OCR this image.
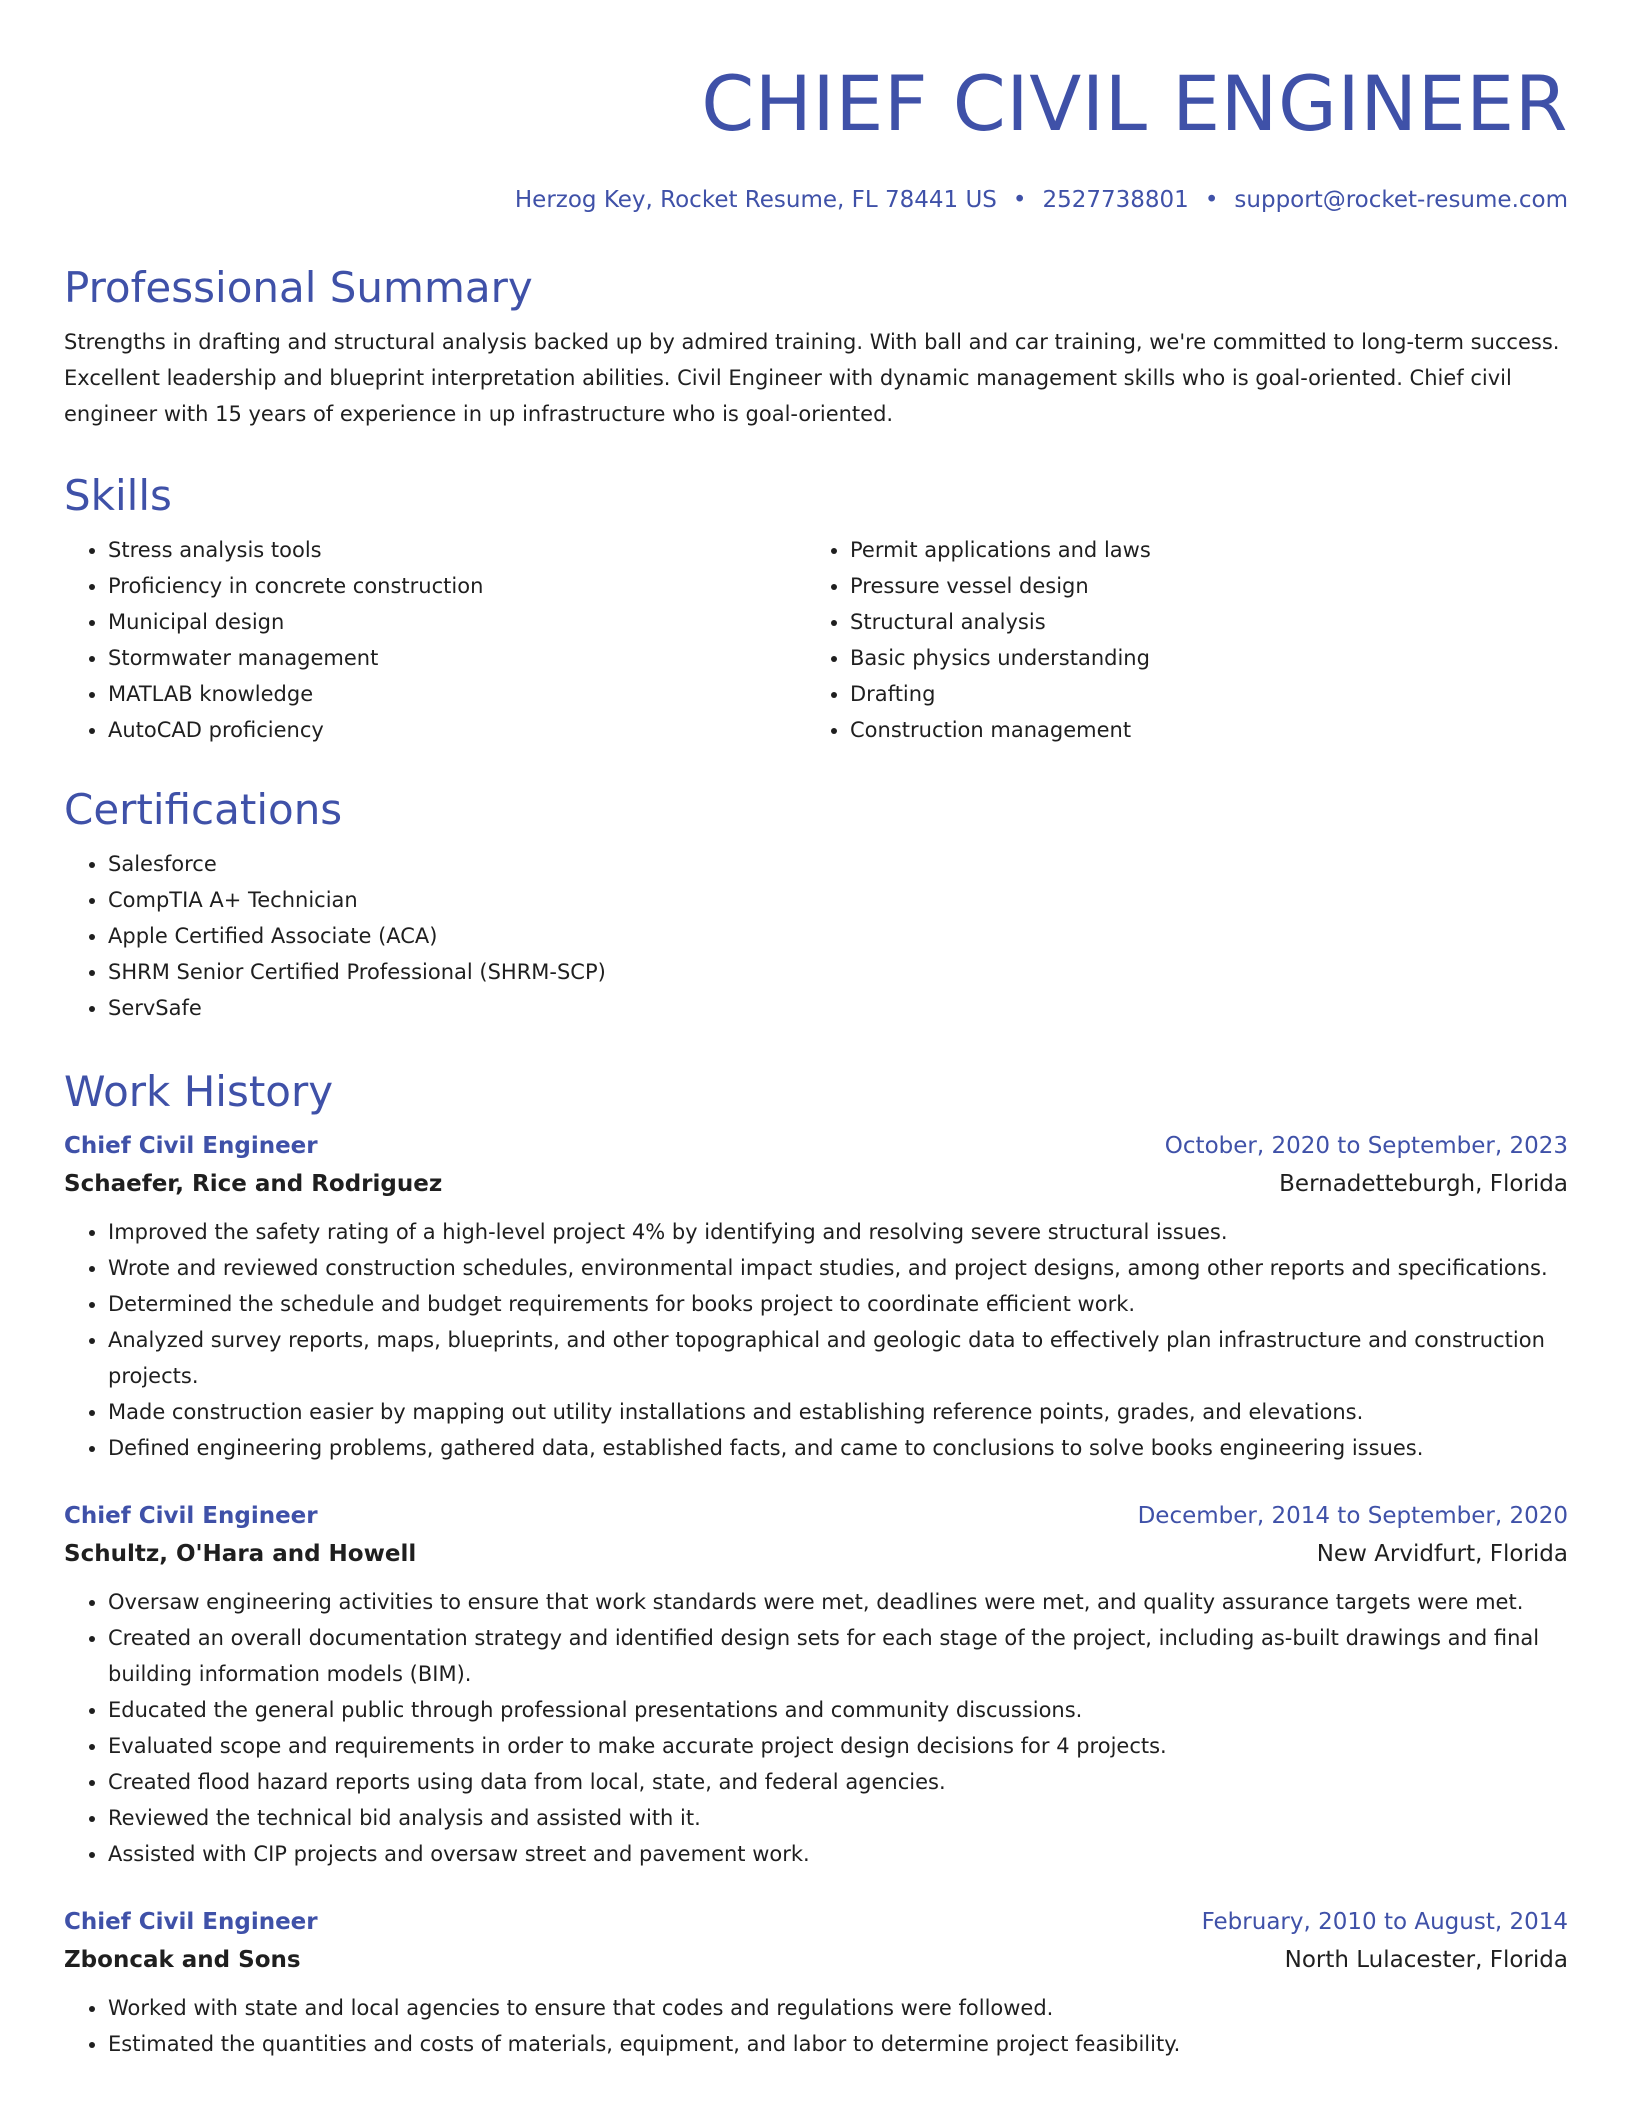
CHIEF CIVIL ENGINEER
Herzog Key, Rocket Resume, FL 78441 US • 2527738801 • support@rocket-resume.com
Professional Summary

Strengths in drafting and structural analysis backed up by admired training. With ball and car training, we're committed to long-term success. Excellent leadership and blueprint interpretation abilities. Civil Engineer with dynamic management skills who is goal-oriented. Chief civil engineer with 15 years of experience in up infrastructure who is goal-oriented.

Skills
• Stress analysis tools
• Proficiency in concrete construction
• Municipal design
• Stormwater management
• MATLAB knowledge
• AutoCAD proficiency
• Permit applications and laws
• Pressure vessel design
• Structural analysis
• Basic physics understanding
• Drafting
• Construction management
Certifications
• Salesforce
• CompTIA A+ Technician
• Apple Certified Associate (ACA)
• SHRM Senior Certified Professional (SHRM-SCP)
• ServSafe
Work History
Chief Civil Engineer	October, 2020 to September, 2023
Schaefer, Rice and Rodriguez	Bernadetteburgh, Florida
• Improved the safety rating of a high-level project 4% by identifying and resolving severe structural issues.
• Wrote and reviewed construction schedules, environmental impact studies, and project designs, among other reports and specifications.
• Determined the schedule and budget requirements for books project to coordinate efficient work.
• Analyzed survey reports, maps, blueprints, and other topographical and geologic data to effectively plan infrastructure and construction projects.
• Made construction easier by mapping out utility installations and establishing reference points, grades, and elevations.
• Defined engineering problems, gathered data, established facts, and came to conclusions to solve books engineering issues.
Chief Civil Engineer	December, 2014 to September, 2020
Schultz, O'Hara and Howell	New Arvidfurt, Florida
• Oversaw engineering activities to ensure that work standards were met, deadlines were met, and quality assurance targets were met.
• Created an overall documentation strategy and identified design sets for each stage of the project, including as-built drawings and final building information models (BIM).
• Educated the general public through professional presentations and community discussions.
• Evaluated scope and requirements in order to make accurate project design decisions for 4 projects.
• Created flood hazard reports using data from local, state, and federal agencies.
• Reviewed the technical bid analysis and assisted with it.
• Assisted with CIP projects and oversaw street and pavement work.
Chief Civil Engineer	February, 2010 to August, 2014
Zboncak and Sons	North Lulacester, Florida
• Worked with state and local agencies to ensure that codes and regulations were followed.
• Estimated the quantities and costs of materials, equipment, and labor to determine project feasibility.
